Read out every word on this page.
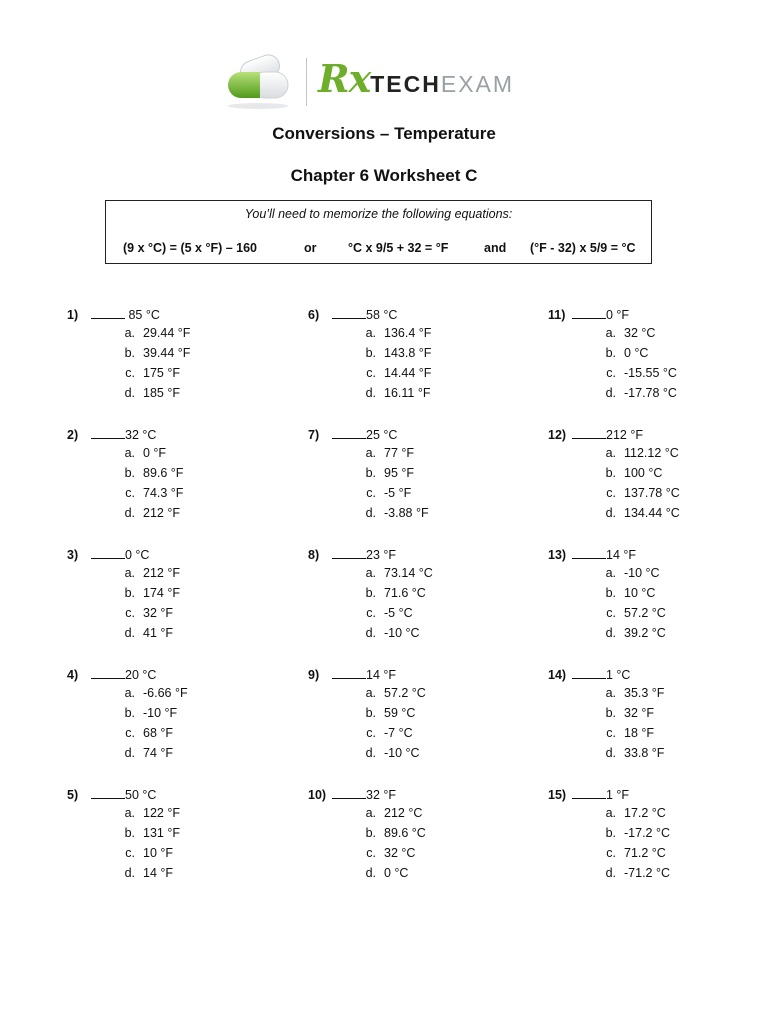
RxTECHEXAM
Conversions – Temperature
Chapter 6 Worksheet C
You’ll need to memorize the following equations:
(9 x °C) = (5 x °F) – 160	or	°C x 9/5 + 32 = °F	and (°F - 32) x 5/9 = °C
1)	85 °C
a. 29.44 °F
b. 39.44 °F
c. 175 °F
d. 185 °F
2)	32 °C
a. 0 °F
b. 89.6 °F
c. 74.3 °F
d. 212 °F
3)	0 °C
a. 212 °F
b. 174 °F
c. 32 °F
d. 41 °F
4)	20 °C
a. -6.66 °F
b. -10 °F
c. 68 °F
d. 74 °F
5)	50 °C
a. 122 °F
b. 131 °F
c. 10 °F
d. 14 °F
6)	58 °C
a. 136.4 °F
b. 143.8 °F
c. 14.44 °F
d. 16.11 °F
7)	25 °C
a. 77 °F
b. 95 °F
c. -5 °F
d. -3.88 °F
8)	23 °F
a. 73.14 °C
b. 71.6 °C
c. -5 °C
d. -10 °C
9)	14 °F
a. 57.2 °C
b. 59 °C
c. -7 °C
d. -10 °C
10)	32 °F
a. 212 °C
b. 89.6 °C
c. 32 °C
d. 0 °C
11)	0 °F
a. 32 °C
b. 0 °C
c. -15.55 °C
d. -17.78 °C
12)	212 °F
a. 112.12 °C
b. 100 °C
c. 137.78 °C
d. 134.44 °C
13)	14 °F
a. -10 °C
b. 10 °C
c. 57.2 °C
d. 39.2 °C
14)	1 °C
a. 35.3 °F
b. 32 °F
c. 18 °F
d. 33.8 °F
15)	1 °F
a. 17.2 °C
b. -17.2 °C
c. 71.2 °C
d. -71.2 °C
